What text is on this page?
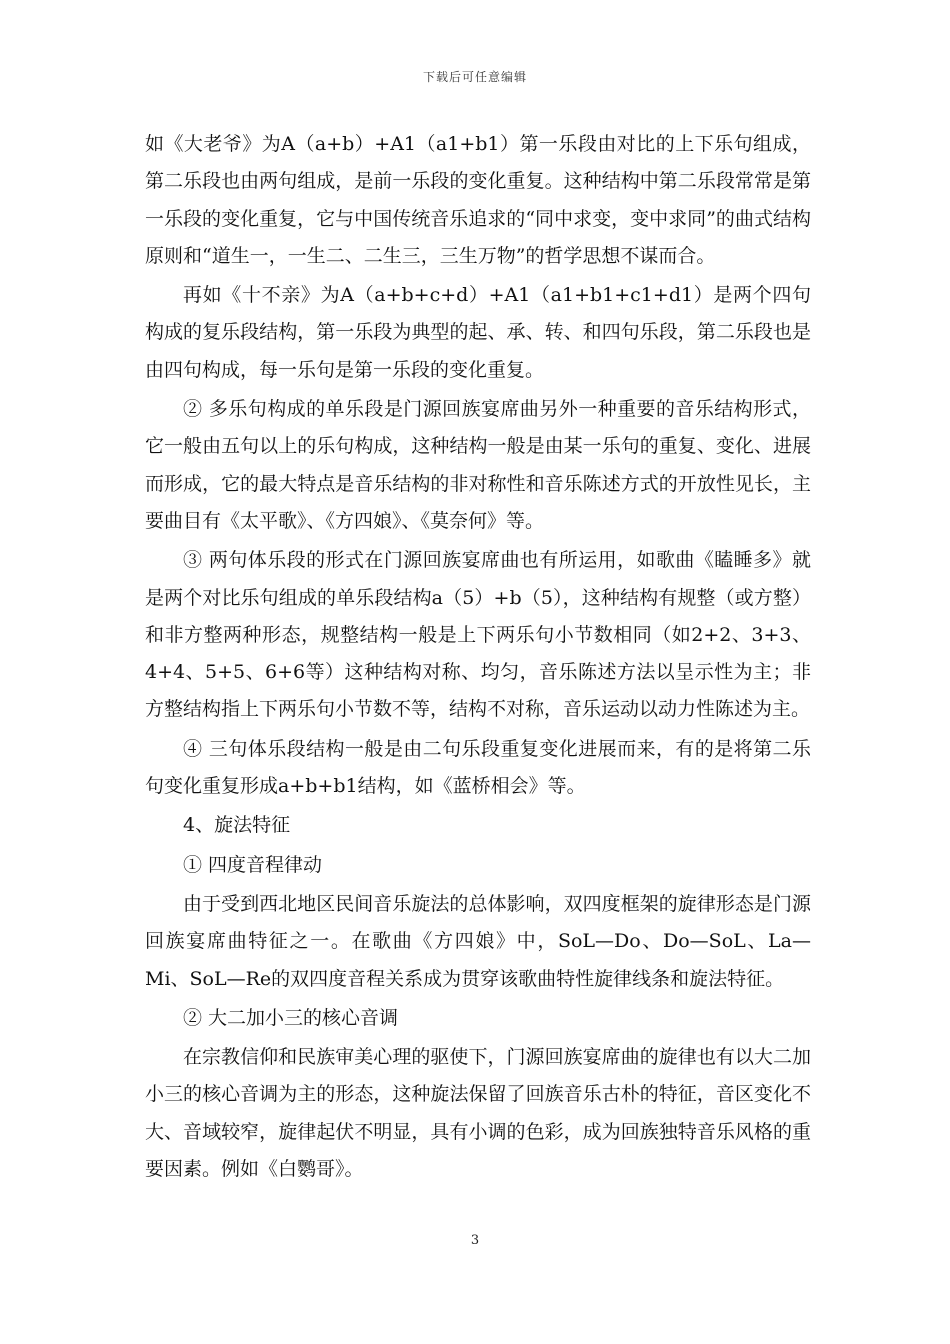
下载后可任意编辑

如《大老爷》为A（a+b）+A1（a1+b1）第一乐段由对比的上下乐句组成，第二乐段也由两句组成，是前一乐段的变化重复。这种结构中第二乐段常常是第一乐段的变化重复，它与中国传统音乐追求的“同中求变，变中求同”的曲式结构原则和“道生一，一生二、二生三，三生万物”的哲学思想不谋而合。

再如《十不亲》为A（a+b+c+d）+A1（a1+b1+c1+d1）是两个四句构成的复乐段结构，第一乐段为典型的起、承、转、和四句乐段，第二乐段也是由四句构成，每一乐句是第一乐段的变化重复。

② 多乐句构成的单乐段是门源回族宴席曲另外一种重要的音乐结构形式，它一般由五句以上的乐句构成，这种结构一般是由某一乐句的重复、变化、进展而形成，它的最大特点是音乐结构的非对称性和音乐陈述方式的开放性见长，主要曲目有《太平歌》、《方四娘》、《莫奈何》等。

③ 两句体乐段的形式在门源回族宴席曲也有所运用，如歌曲《瞌睡多》就是两个对比乐句组成的单乐段结构a（5）+b（5），这种结构有规整（或方整）和非方整两种形态，规整结构一般是上下两乐句小节数相同（如2+2、3+3、4+4、5+5、6+6等）这种结构对称、均匀，音乐陈述方法以呈示性为主；非方整结构指上下两乐句小节数不等，结构不对称，音乐运动以动力性陈述为主。

④ 三句体乐段结构一般是由二句乐段重复变化进展而来，有的是将第二乐句变化重复形成a+b+b1结构，如《蓝桥相会》等。

4、旋法特征

① 四度音程律动

由于受到西北地区民间音乐旋法的总体影响，双四度框架的旋律形态是门源回族宴席曲特征之一。在歌曲《方四娘》中，SoL—Do、Do—SoL、La—Mi、SoL—Re的双四度音程关系成为贯穿该歌曲特性旋律线条和旋法特征。

② 大二加小三的核心音调

在宗教信仰和民族审美心理的驱使下，门源回族宴席曲的旋律也有以大二加小三的核心音调为主的形态，这种旋法保留了回族音乐古朴的特征，音区变化不大、音域较窄，旋律起伏不明显，具有小调的色彩，成为回族独特音乐风格的重要因素。例如《白鹦哥》。

3
